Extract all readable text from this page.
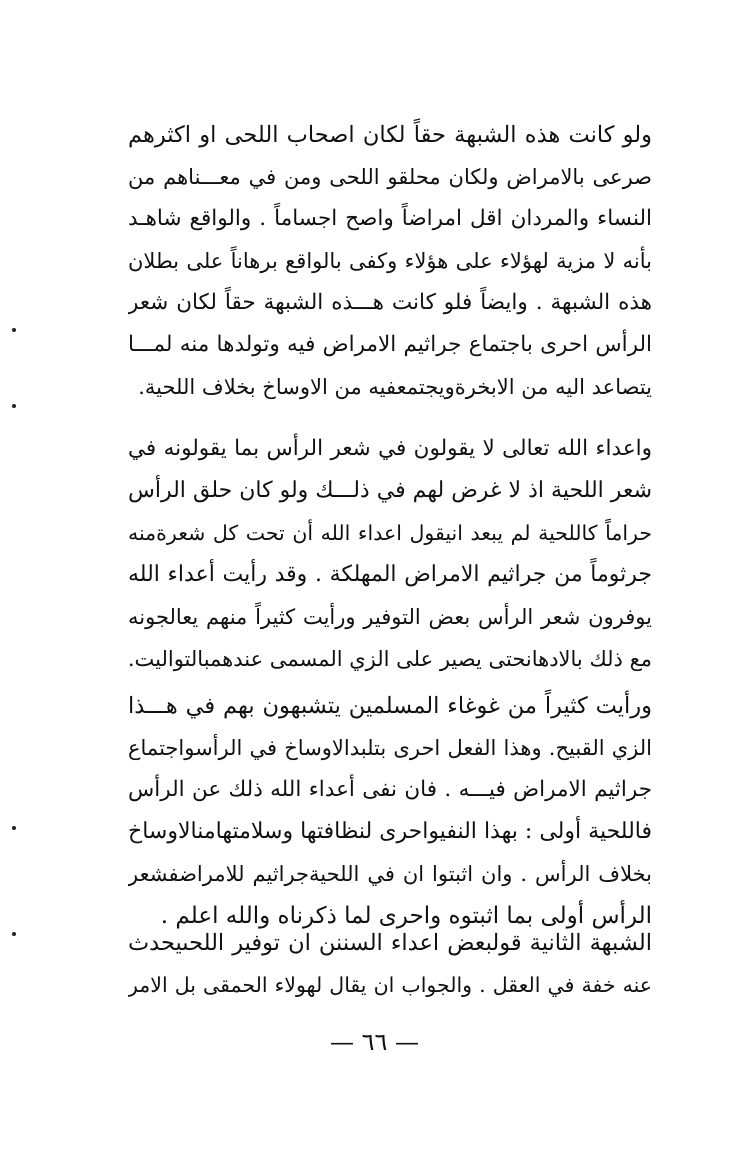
ولو كانت هذه الشبهة حقاً لكان اصحاب اللحى او اكثرهم
صرعى بالامراض ولكان محلقو اللحى ومن في معـــناهم من
النساء والمردان اقل امراضاً واصح اجساماً . والواقع شاهـد
بأنه لا مزية لهؤلاء على هؤلاء وكفى بالواقع برهاناً على بطلان
هذه الشبهة . وايضاً فلو كانت هـــذه الشبهة حقاً لكان شعر
الرأس احرى باجتماع جراثيم الامراض فيه وتولدها منه لمـــا
يتصاعد اليه من الابخرةويجتمعفيه من الاوساخ بخلاف اللحية.
واعداء الله تعالى لا يقولون في شعر الرأس بما يقولونه في
شعر اللحية اذ لا غرض لهم في ذلـــك ولو كان حلق الرأس
حراماً كاللحية لم يبعد انيقول اعداء الله أن تحت كل شعرةمنه
جرثوماً من جراثيم الامراض المهلكة . وقد رأيت أعداء الله
يوفرون شعر الرأس بعض التوفير ورأيت كثيراً منهم يعالجونه
مع ذلك بالادهانحتى يصير على الزي المسمى عندهمبالتواليت.
ورأيت كثيراً من غوغاء المسلمين يتشبهون بهم في هـــذا
الزي القبيح. وهذا الفعل احرى بتلبدالاوساخ في الرأسواجتماع
جراثيم الامراض فيـــه . فان نفى أعداء الله ذلك عن الرأس
فاللحية أولى : بهذا النفيواحرى لنظافتها وسلامتهامنالاوساخ
بخلاف الرأس . وان اثبتوا ان في اللحيةجراثيم للامراضفشعر
الرأس أولى بما اثبتوه واحرى لما ذكرناه والله اعلم .
الشبهة الثانية قولبعض اعداء السننن ان توفير اللحىيحدث
عنه خفة في العقل . والجواب ان يقال لهولاء الحمقى بل الامر
— ٦٦ —
